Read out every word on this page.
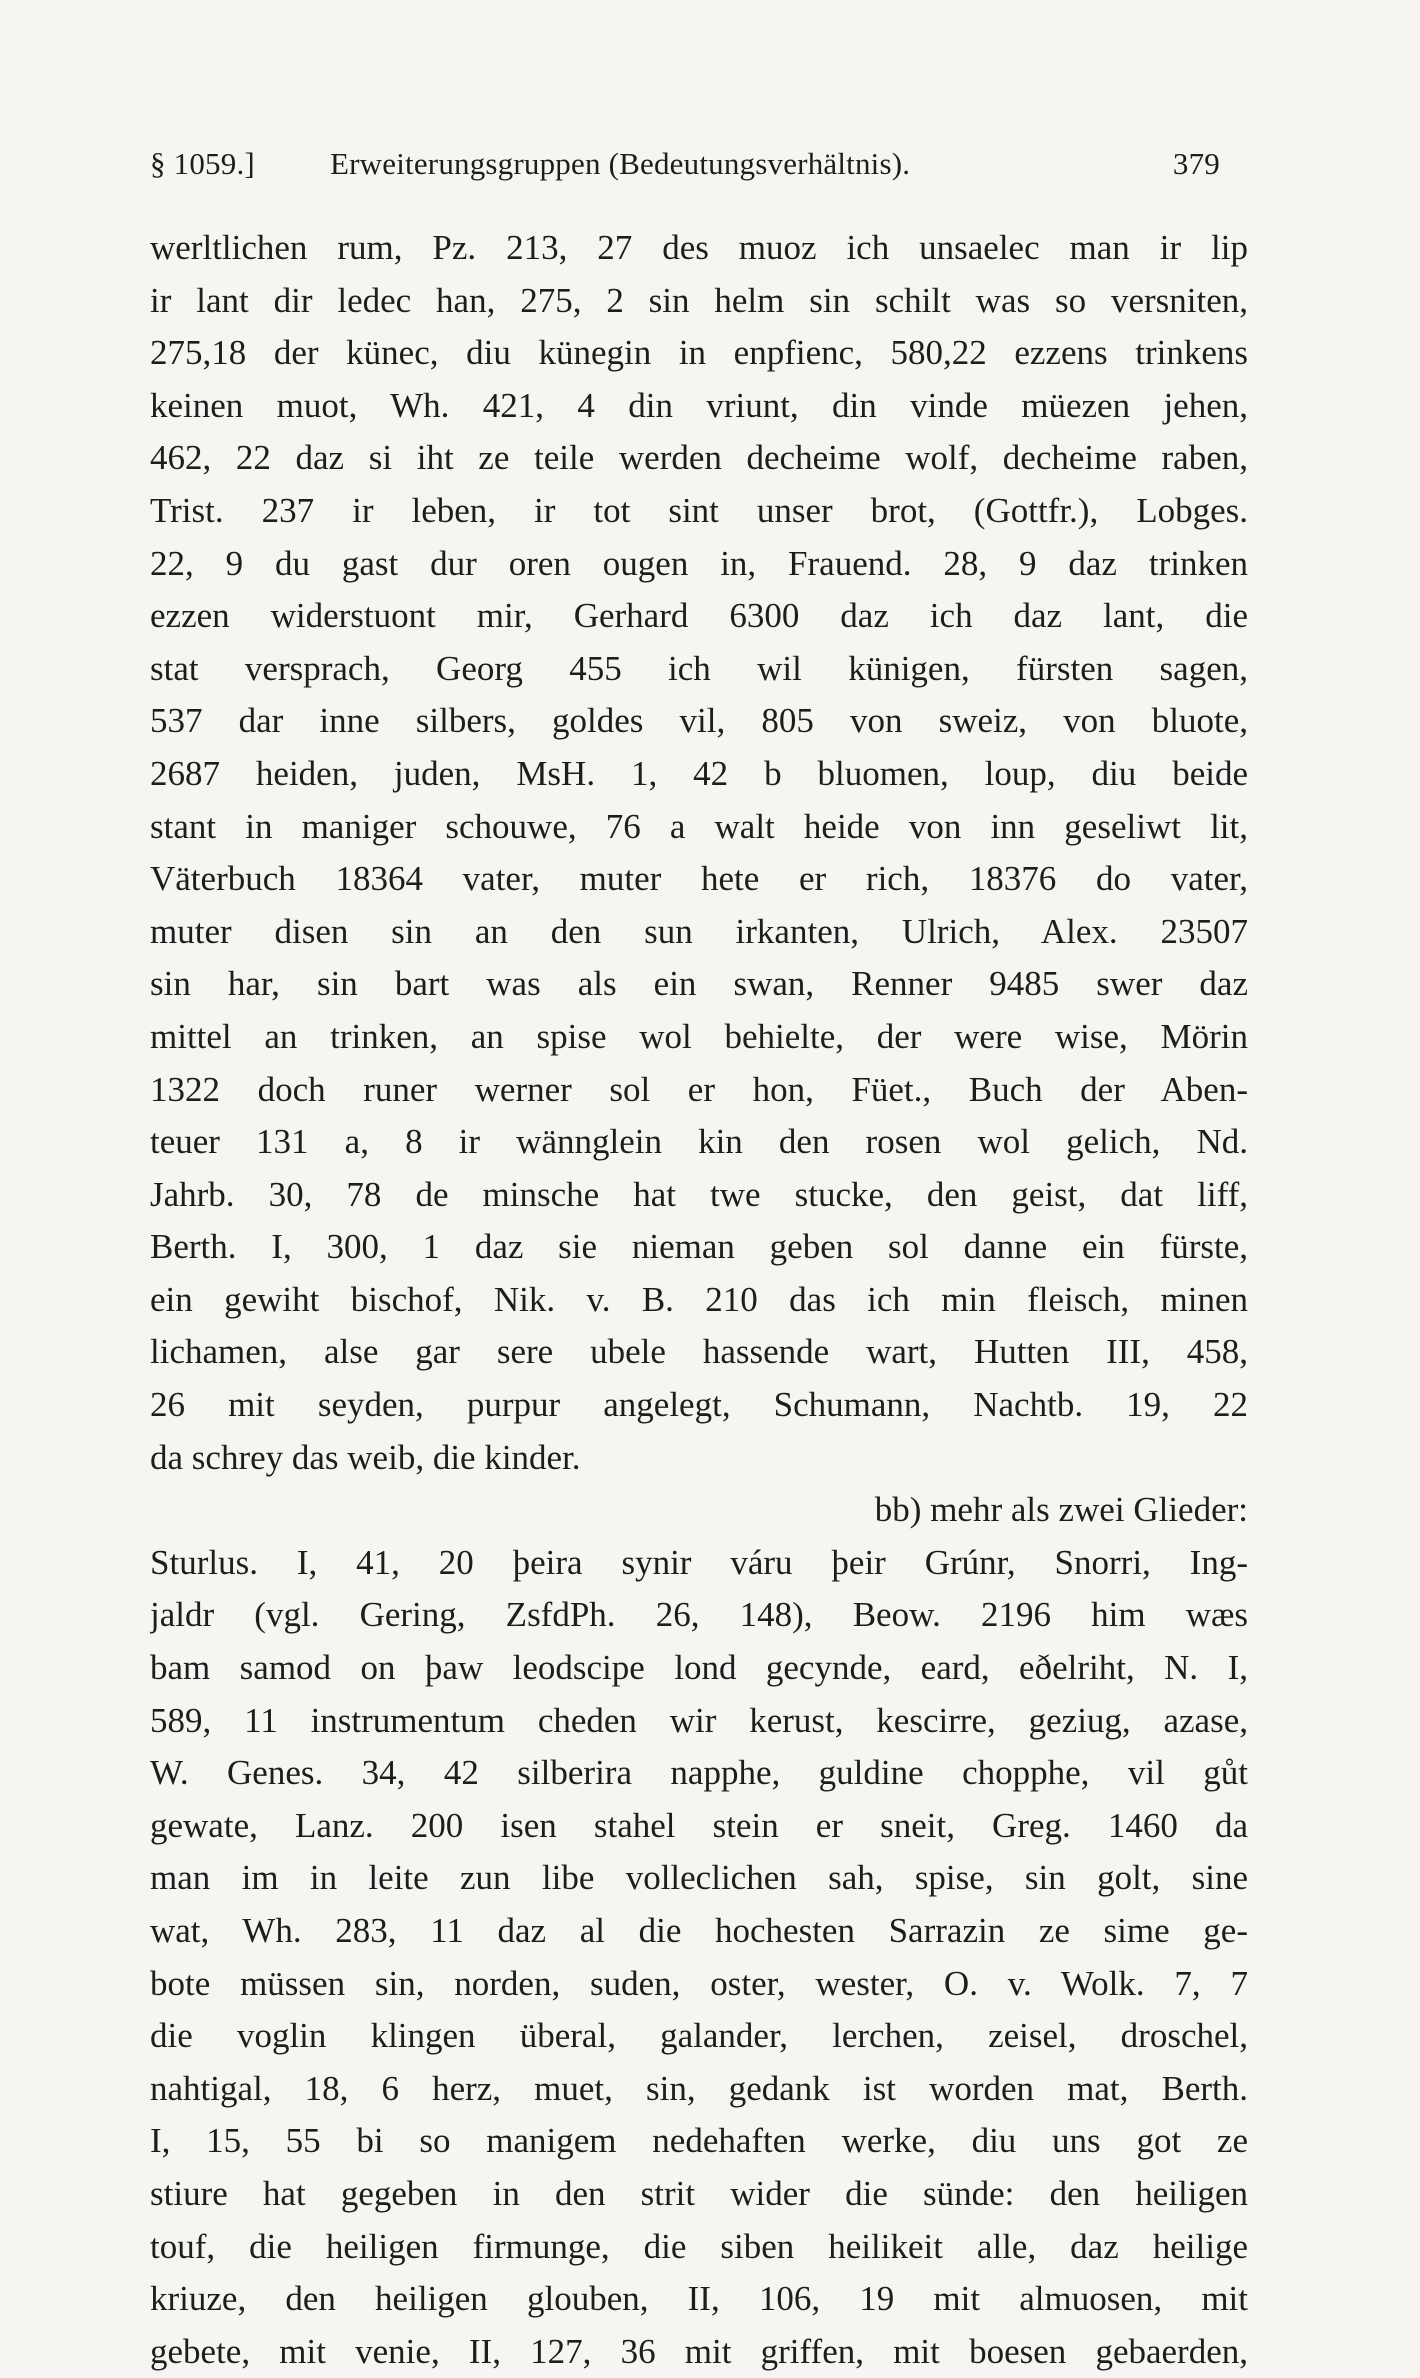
§ 1059.] Erweiterungsgruppen (Bedeutungsverhältnis).	379
werltlichen rum, Pz. 213, 27 des muoz ich unsaelec man ir lip
ir lant dir ledec han, 275, 2 sin helm sin schilt was so versniten,
275,18 der künec, diu künegin in enpfienc, 580,22 ezzens trinkens
keinen muot, Wh. 421, 4 din vriunt, din vinde müezen jehen,
462, 22 daz si iht ze teile werden decheime wolf, decheime raben,
Trist. 237 ir leben, ir tot sint unser brot, (Gottfr.), Lobges.
22, 9 du gast dur oren ougen in, Frauend. 28, 9 daz trinken
ezzen widerstuont mir, Gerhard 6300 daz ich daz lant, die
stat versprach, Georg 455 ich wil künigen, fürsten sagen,
537 dar inne silbers, goldes vil, 805 von sweiz, von bluote,
2687 heiden, juden, MsH. 1, 42 b bluomen, loup, diu beide
stant in maniger schouwe, 76 a walt heide von inn geseliwt lit,
Väterbuch 18364 vater, muter hete er rich, 18376 do vater,
muter disen sin an den sun irkanten, Ulrich, Alex. 23507
sin har, sin bart was als ein swan, Renner 9485 swer daz
mittel an trinken, an spise wol behielte, der were wise, Mörin
1322 doch runer werner sol er hon, Füet., Buch der Aben-
teuer 131 a, 8 ir wännglein kin den rosen wol gelich, Nd.
Jahrb. 30, 78 de minsche hat twe stucke, den geist, dat liff,
Berth. I, 300, 1 daz sie nieman geben sol danne ein fürste,
ein gewiht bischof, Nik. v. B. 210 das ich min fleisch, minen
lichamen, alse gar sere ubele hassende wart, Hutten III, 458,
26 mit seyden, purpur angelegt, Schumann, Nachtb. 19, 22
da schrey das weib, die kinder.
bb) mehr als zwei Glieder:
Sturlus. I, 41, 20 þeira synir váru þeir Grúnr, Snorri, Ing-
jaldr (vgl. Gering, ZsfdPh. 26, 148), Beow. 2196 him wæs
bam samod on þaw leodscipe lond gecynde, eard, eðelriht, N. I,
589, 11 instrumentum cheden wir kerust, kescirre, geziug, azase,
W. Genes. 34, 42 silberira napphe, guldine chopphe, vil gůt
gewate, Lanz. 200 isen stahel stein er sneit, Greg. 1460 da
man im in leite zun libe volleclichen sah, spise, sin golt, sine
wat, Wh. 283, 11 daz al die hochesten Sarrazin ze sime ge-
bote müssen sin, norden, suden, oster, wester, O. v. Wolk. 7, 7
die voglin klingen überal, galander, lerchen, zeisel, droschel,
nahtigal, 18, 6 herz, muet, sin, gedank ist worden mat, Berth.
I, 15, 55 bi so manigem nedehaften werke, diu uns got ze
stiure hat gegeben in den strit wider die sünde: den heiligen
touf, die heiligen firmunge, die siben heilikeit alle, daz heilige
kriuze, den heiligen glouben, II, 106, 19 mit almuosen, mit
gebete, mit venie, II, 127, 36 mit griffen, mit boesen gebaerden,
